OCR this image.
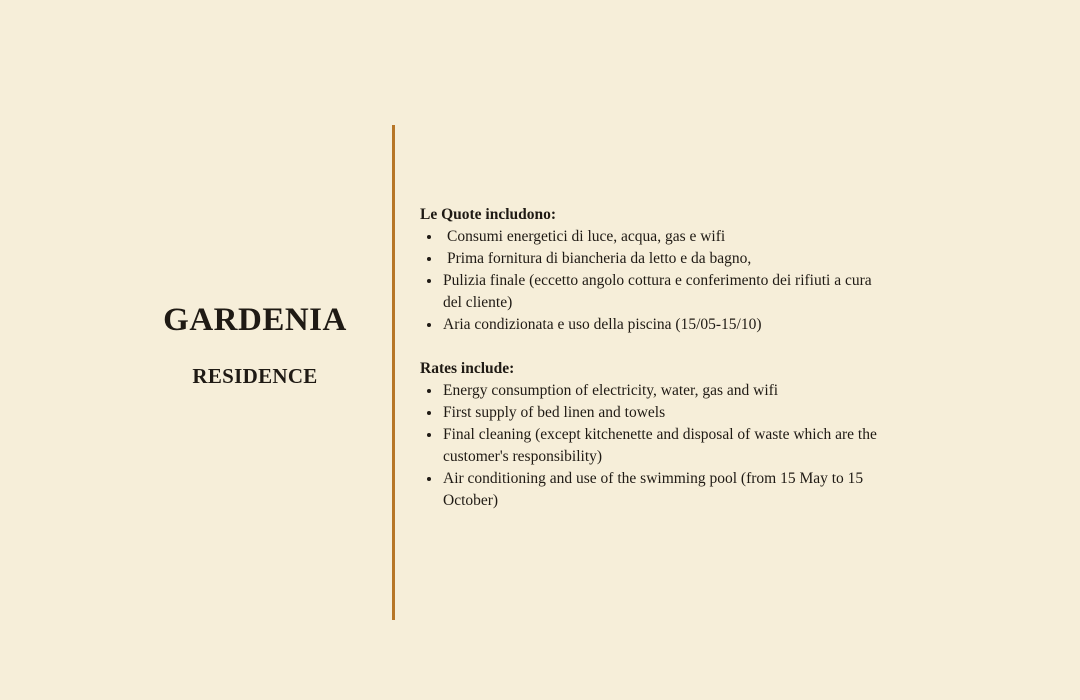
GARDENIA
RESIDENCE

Le Quote includono:

Consumi energetici di luce, acqua, gas e wifi
Prima fornitura di biancheria da letto e da bagno,
Pulizia finale (eccetto angolo cottura e conferimento dei rifiuti a cura del cliente)
Aria condizionata e uso della piscina (15/05-15/10)

Rates include:

Energy consumption of electricity, water, gas and wifi
First supply of bed linen and towels
Final cleaning (except kitchenette and disposal of waste which are the customer's responsibility)
Air conditioning and use of the swimming pool (from 15 May to 15 October)
